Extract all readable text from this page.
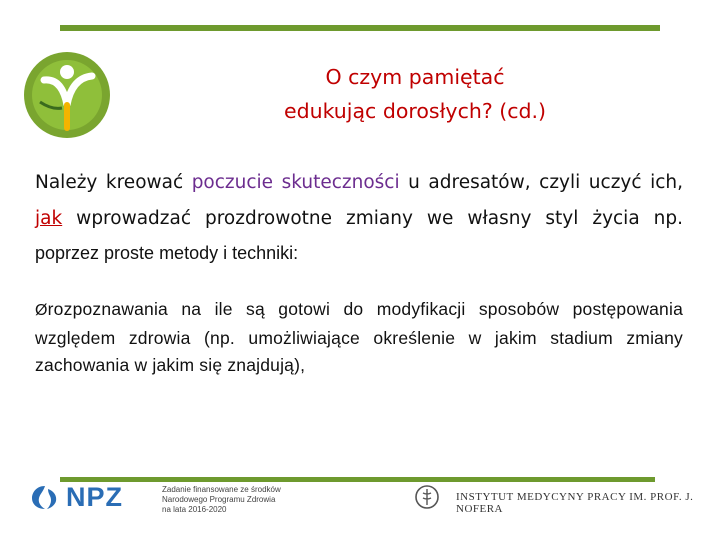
O czym pamiętać
edukując dorosłych? (cd.)
Należy kreować poczucie skuteczności u adresatów, czyli uczyć ich, jak wprowadzać prozdrowotne zmiany we własny styl życia np. poprzez proste metody i techniki:
Ørozpoznawania na ile są gotowi do modyfikacji sposobów postępowania względem zdrowia (np. umożliwiające określenie w jakim stadium zmiany zachowania w jakim się znajdują),
NPZ	Zadanie finansowane ze środków
Narodowego Programu Zdrowia
na lata 2016-2020
INSTYTUT MEDYCYNY PRACY IM. PROF. J. NOFERA
